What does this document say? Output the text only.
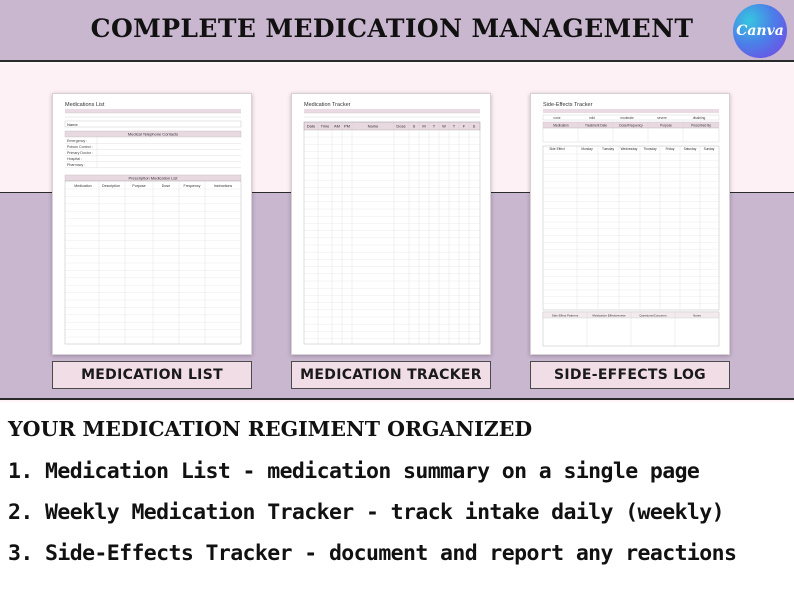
COMPLETE MEDICATION MANAGEMENT	Canva
Medications List
Name
Medical Telephone Contacts
Emergency :
Poison Control :
Primary Doctor :
Hospital :
Pharmacy :
Prescription Medication List
Medication	Description	Purpose	Dose	Frequency	Instructions
Medication Tracker
Date Time AM PM	Name	Dose S M T W T F S
Side-Effects Tracker
none	mild	moderate	severe	disabling
Medication	Treatment Date	Dose/Frequency	Purpose	Prescribed By
Side Effect	Monday	Tuesday Wednesday Thursday	Friday	Saturday Sunday
Side Effect Patterns	Medication Effectiveness	Questions/Concerns	Notes
MEDICATION LIST	MEDICATION TRACKER	SIDE-EFFECTS LOG
YOUR MEDICATION REGIMENT ORGANIZED
1. Medication List - medication summary on a single page
2. Weekly Medication Tracker - track intake daily (weekly)
3. Side-Effects Tracker - document and report any reactions
